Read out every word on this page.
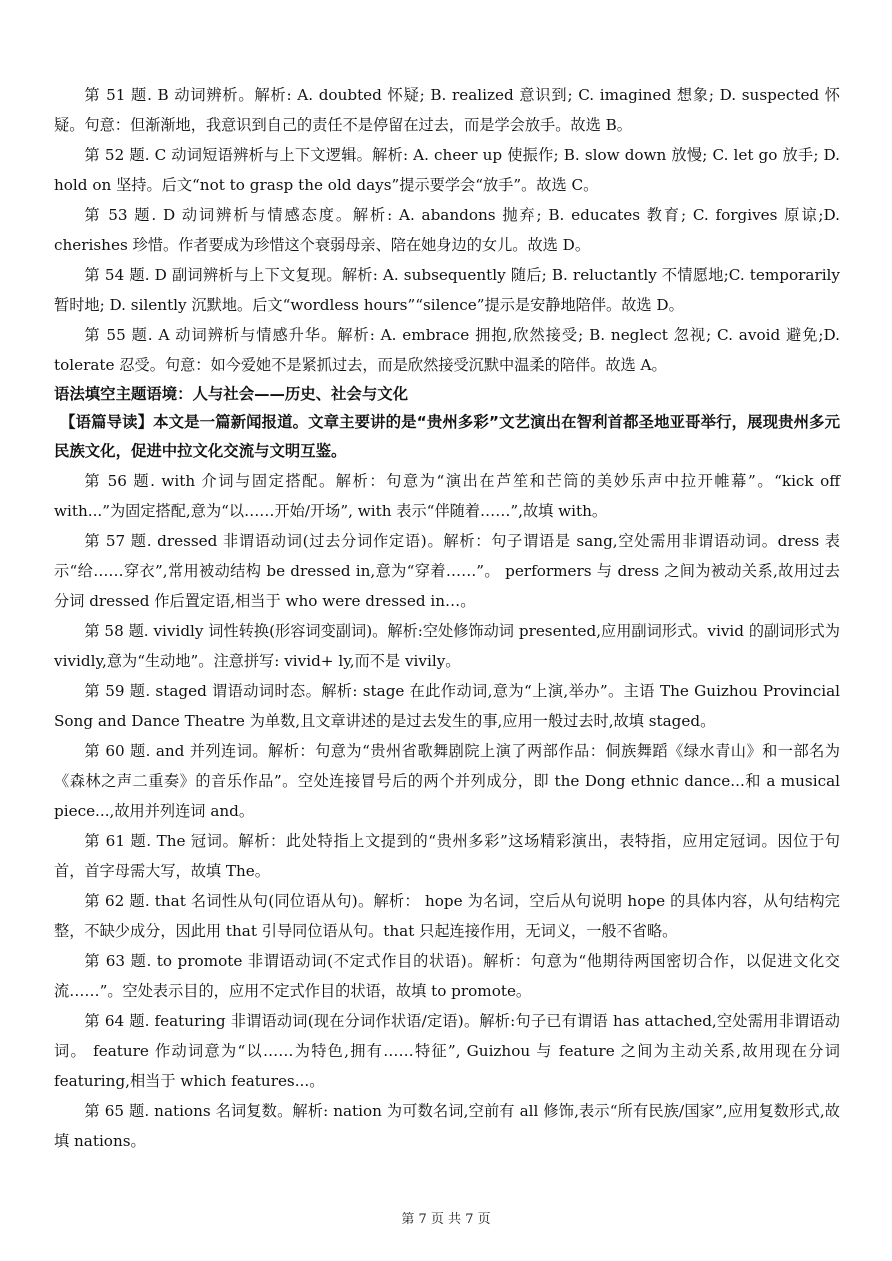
第 51 题. B 动词辨析。解析: A. doubted 怀疑; B. realized 意识到; C. imagined 想象; D. suspected 怀疑。句意：但渐渐地，我意识到自己的责任不是停留在过去，而是学会放手。故选 B。

第 52 题. C 动词短语辨析与上下文逻辑。解析: A. cheer up 使振作; B. slow down 放慢; C. let go 放手; D. hold on 坚持。后文“not to grasp the old days”提示要学会“放手”。故选 C。

第 53 题. D 动词辨析与情感态度。解析: A. abandons 抛弃; B. educates 教育; C. forgives 原谅;D. cherishes 珍惜。作者要成为珍惜这个衰弱母亲、陪在她身边的女儿。故选 D。

第 54 题. D 副词辨析与上下文复现。解析: A. subsequently 随后; B. reluctantly 不情愿地;C. temporarily 暂时地; D. silently 沉默地。后文“wordless hours”“silence”提示是安静地陪伴。故选 D。

第 55 题. A 动词辨析与情感升华。解析: A. embrace 拥抱,欣然接受; B. neglect 忽视; C. avoid 避免;D. tolerate 忍受。句意：如今爱她不是紧抓过去，而是欣然接受沉默中温柔的陪伴。故选 A。

语法填空主题语境：人与社会——历史、社会与文化

【语篇导读】本文是一篇新闻报道。文章主要讲的是“贵州多彩”文艺演出在智利首都圣地亚哥举行，展现贵州多元民族文化，促进中拉文化交流与文明互鉴。

第 56 题. with 介词与固定搭配。解析：句意为“演出在芦笙和芒筒的美妙乐声中拉开帷幕”。“kick off with...”为固定搭配,意为“以……开始/开场”, with 表示“伴随着……”,故填 with。

第 57 题. dressed 非谓语动词(过去分词作定语)。解析：句子谓语是 sang,空处需用非谓语动词。dress 表示“给……穿衣”,常用被动结构 be dressed in,意为“穿着……”。 performers 与 dress 之间为被动关系,故用过去分词 dressed 作后置定语,相当于 who were dressed in…。

第 58 题. vividly 词性转换(形容词变副词)。解析:空处修饰动词 presented,应用副词形式。vivid 的副词形式为 vividly,意为“生动地”。注意拼写: vivid+ ly,而不是 vivily。

第 59 题. staged 谓语动词时态。解析: stage 在此作动词,意为“上演,举办”。主语 The Guizhou Provincial Song and Dance Theatre 为单数,且文章讲述的是过去发生的事,应用一般过去时,故填 staged。

第 60 题. and 并列连词。解析：句意为“贵州省歌舞剧院上演了两部作品：侗族舞蹈《绿水青山》和一部名为《森林之声二重奏》的音乐作品”。空处连接冒号后的两个并列成分，即 the Dong ethnic dance...和 a musical piece...,故用并列连词 and。

第 61 题. The 冠词。解析：此处特指上文提到的“贵州多彩”这场精彩演出，表特指，应用定冠词。因位于句首，首字母需大写，故填 The。

第 62 题. that 名词性从句(同位语从句)。解析： hope 为名词，空后从句说明 hope 的具体内容，从句结构完整，不缺少成分，因此用 that 引导同位语从句。that 只起连接作用，无词义，一般不省略。

第 63 题. to promote 非谓语动词(不定式作目的状语)。解析：句意为“他期待两国密切合作，以促进文化交流……”。空处表示目的，应用不定式作目的状语，故填 to promote。

第 64 题. featuring 非谓语动词(现在分词作状语/定语)。解析:句子已有谓语 has attached,空处需用非谓语动词。 feature 作动词意为“以……为特色,拥有……特征”, Guizhou 与 feature 之间为主动关系,故用现在分词 featuring,相当于 which features...。

第 65 题. nations 名词复数。解析: nation 为可数名词,空前有 all 修饰,表示“所有民族/国家”,应用复数形式,故填 nations。

第 7 页 共 7 页
